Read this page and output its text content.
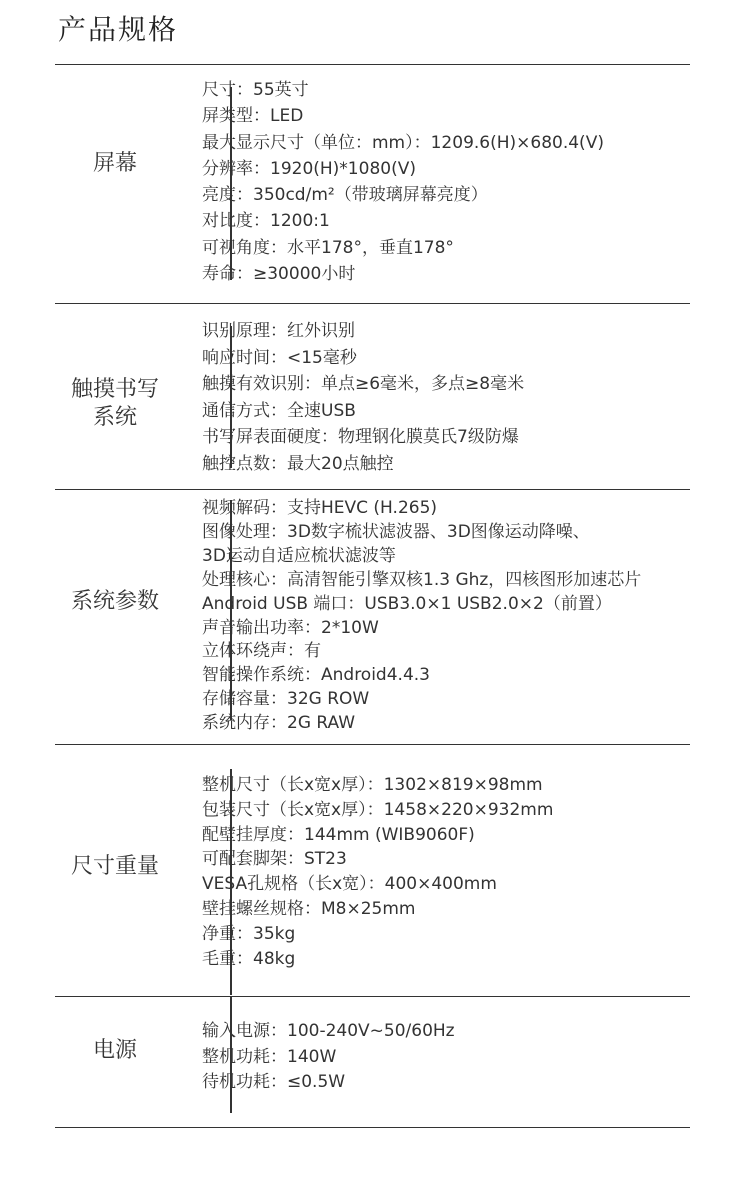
产品规格
屏幕
尺寸：55英寸
屏类型：LED
最大显示尺寸（单位：mm）：1209.6(H)×680.4(V)
分辨率：1920(H)*1080(V)
亮度：350cd/m²（带玻璃屏幕亮度）
对比度：1200:1
可视角度：水平178°，垂直178°
寿命：≥30000小时
触摸书写
系统
识别原理：红外识别
响应时间：<15毫秒
触摸有效识别：单点≥6毫米，多点≥8毫米
通信方式：全速USB
书写屏表面硬度：物理钢化膜莫氏7级防爆
触控点数：最大20点触控
系统参数
视频解码：支持HEVC (H.265)
图像处理：3D数字梳状滤波器、3D图像运动降噪、
3D运动自适应梳状滤波等
处理核心：高清智能引擎双核1.3 Ghz，四核图形加速芯片
Android USB 端口：USB3.0×1 USB2.0×2（前置）
声音输出功率：2*10W
立体环绕声：有
智能操作系统：Android4.4.3
存储容量：32G ROW
系统内存：2G RAW
尺寸重量
整机尺寸（长x宽x厚）：1302×819×98mm
包装尺寸（长x宽x厚）：1458×220×932mm
配壁挂厚度：144mm (WIB9060F)
可配套脚架：ST23
VESA孔规格（长x宽）：400×400mm
壁挂螺丝规格：M8×25mm
净重：35kg
毛重：48kg
电源
输入电源：100-240V~50/60Hz
整机功耗：140W
待机功耗：≤0.5W
